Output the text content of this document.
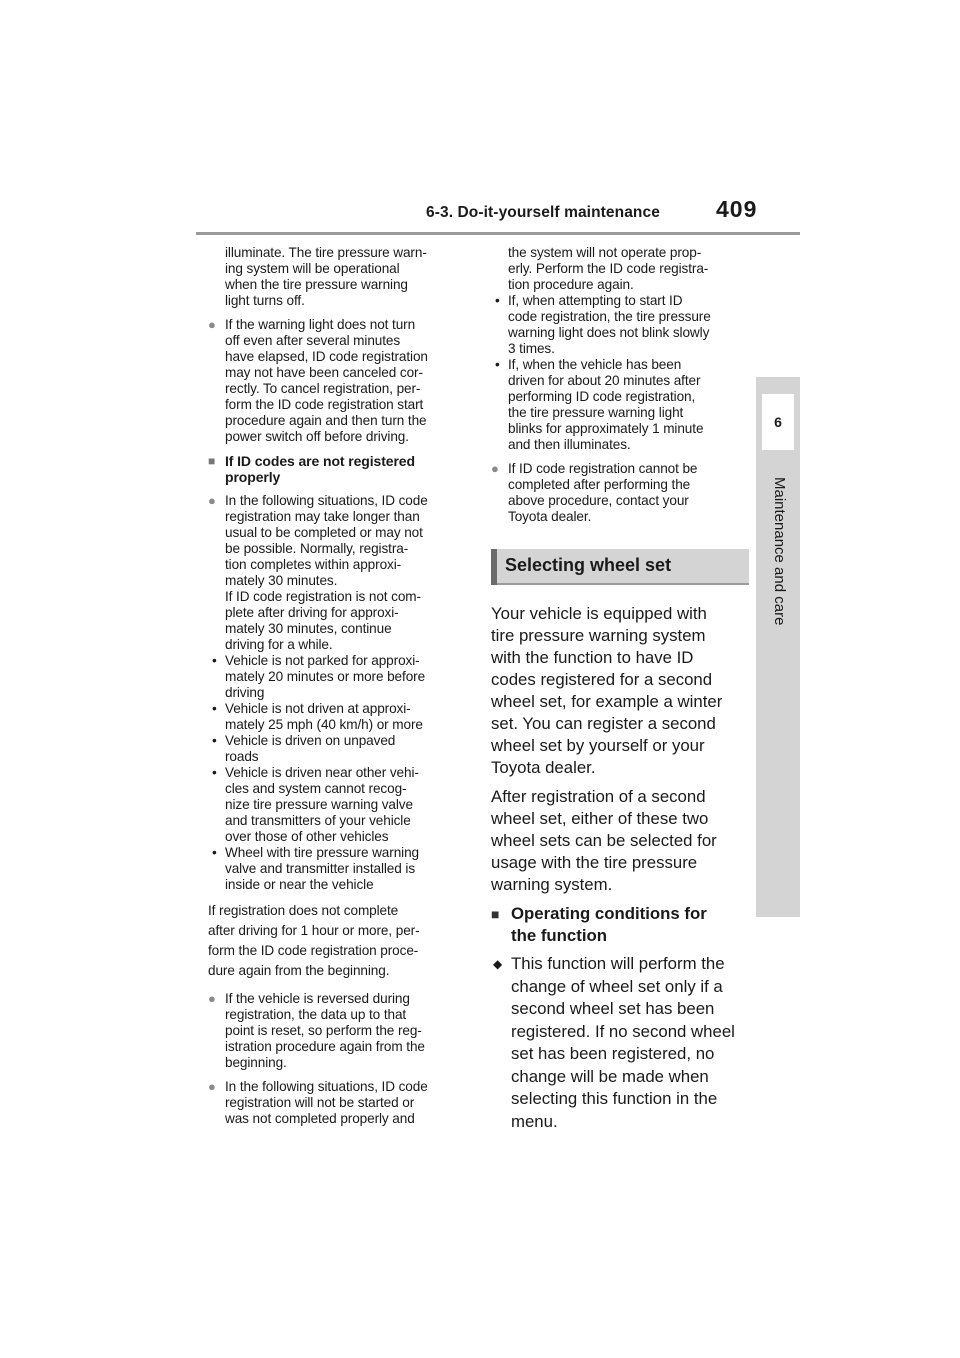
6-3. Do-it-yourself maintenance 409
6
Maintenance and care
illuminate. The tire pressure warn-
ing system will be operational
when the tire pressure warning
light turns off.
● If the warning light does not turn
off even after several minutes
have elapsed, ID code registration
may not have been canceled cor-
rectly. To cancel registration, per-
form the ID code registration start
procedure again and then turn the
power switch off before driving.
■ If ID codes are not registered
properly
● In the following situations, ID code
registration may take longer than
usual to be completed or may not
be possible. Normally, registra-
tion completes within approxi-
mately 30 minutes.
If ID code registration is not com-
plete after driving for approxi-
mately 30 minutes, continue
driving for a while.
• Vehicle is not parked for approxi-
mately 20 minutes or more before
driving
• Vehicle is not driven at approxi-
mately 25 mph (40 km/h) or more
• Vehicle is driven on unpaved
roads
• Vehicle is driven near other vehi-
cles and system cannot recog-
nize tire pressure warning valve
and transmitters of your vehicle
over those of other vehicles
• Wheel with tire pressure warning
valve and transmitter installed is
inside or near the vehicle
If registration does not complete
after driving for 1 hour or more, per-
form the ID code registration proce-
dure again from the beginning.
● If the vehicle is reversed during
registration, the data up to that
point is reset, so perform the reg-
istration procedure again from the
beginning.
● In the following situations, ID code
registration will not be started or
was not completed properly and
the system will not operate prop-
erly. Perform the ID code registra-
tion procedure again.
• If, when attempting to start ID
code registration, the tire pressure
warning light does not blink slowly
3 times.
• If, when the vehicle has been
driven for about 20 minutes after
performing ID code registration,
the tire pressure warning light
blinks for approximately 1 minute
and then illuminates.
● If ID code registration cannot be
completed after performing the
above procedure, contact your
Toyota dealer.
Selecting wheel set
Your vehicle is equipped with
tire pressure warning system
with the function to have ID
codes registered for a second
wheel set, for example a winter
set. You can register a second
wheel set by yourself or your
Toyota dealer.
After registration of a second
wheel set, either of these two
wheel sets can be selected for
usage with the tire pressure
warning system.
■ Operating conditions for
the function
◆ This function will perform the
change of wheel set only if a
second wheel set has been
registered. If no second wheel
set has been registered, no
change will be made when
selecting this function in the
menu.
